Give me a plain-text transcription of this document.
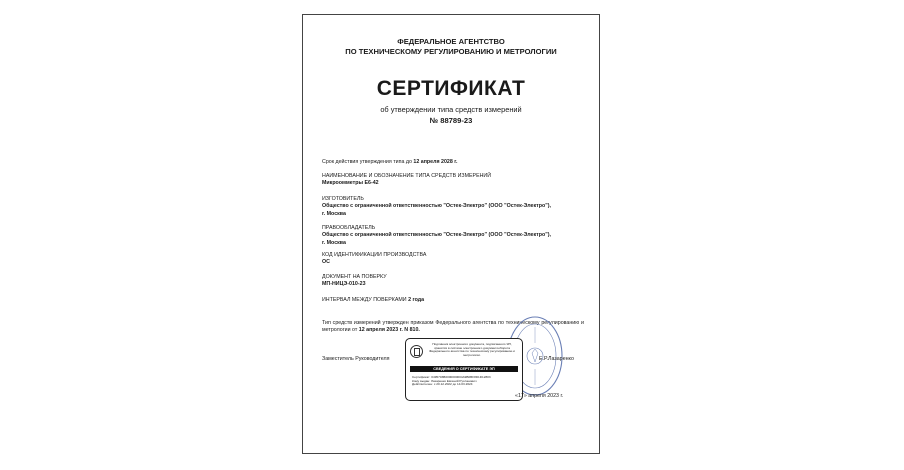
ФЕДЕРАЛЬНОЕ АГЕНТСТВО
ПО ТЕХНИЧЕСКОМУ РЕГУЛИРОВАНИЮ И МЕТРОЛОГИИ
СЕРТИФИКАТ
об утверждении типа средств измерений
№ 88789-23
Срок действия утверждения типа до 12 апреля 2028 г.
НАИМЕНОВАНИЕ И ОБОЗНАЧЕНИЕ ТИПА СРЕДСТВ ИЗМЕРЕНИЙ
Микроомметры Е6-42
ИЗГОТОВИТЕЛЬ
Общество с ограниченной ответственностью "Остек-Электро" (ООО "Остек-Электро"),
г. Москва
ПРАВООБЛАДАТЕЛЬ
Общество с ограниченной ответственностью "Остек-Электро" (ООО "Остек-Электро"),
г. Москва
КОД ИДЕНТИФИКАЦИИ ПРОИЗВОДСТВА
ОС
ДОКУМЕНТ НА ПОВЕРКУ
МП-НИЦЭ-010-23
ИНТЕРВАЛ МЕЖДУ ПОВЕРКАМИ 2 года
Тип средств измерений утвержден приказом Федерального агентства по техническому регулированию и метрологии от 12 апреля 2023 г. N 810.
Заместитель Руководителя	Е.Р.Лазаренко
Подлинник электронного документа, подписанного ЭП,
хранится в системе электронного документооборота
Федерального агентства по техническому регулированию и
метрологии.
СВЕДЕНИЯ О СЕРТИФИКАТЕ ЭП
Сертификат: 0495703B0000000004A9B0BF8D1D12803
Кому выдан: Лазаренко Евгений Русланович
Действителен: с 20.12.2022 до 14.03.2024
«17» апреля 2023 г.
